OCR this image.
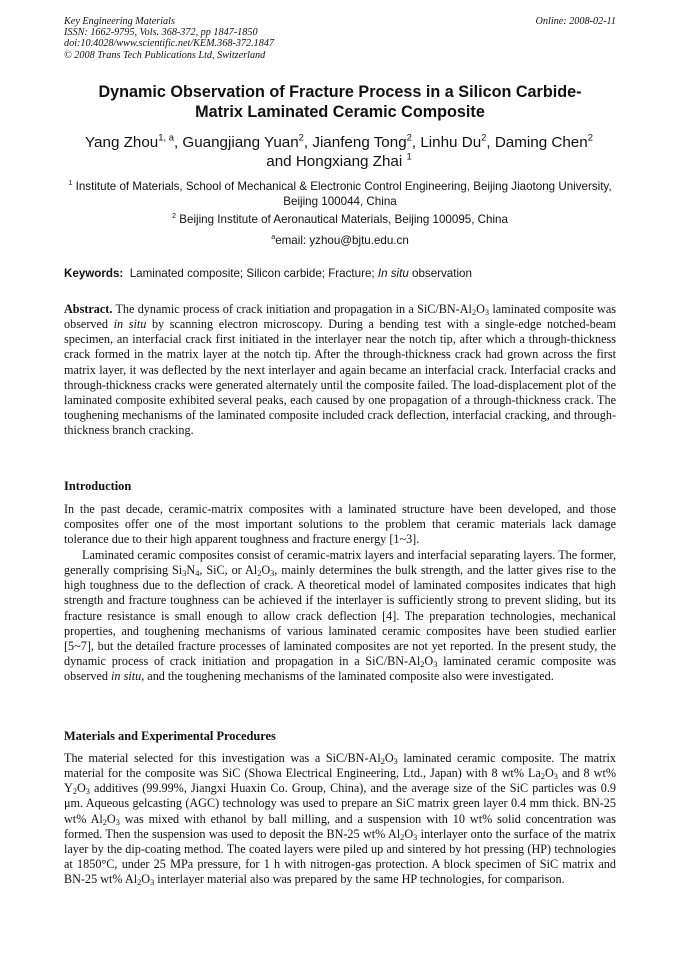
Key Engineering Materials
ISSN: 1662-9795, Vols. 368-372, pp 1847-1850
doi:10.4028/www.scientific.net/KEM.368-372.1847
© 2008 Trans Tech Publications Ltd, Switzerland
Online: 2008-02-11
Dynamic Observation of Fracture Process in a Silicon Carbide-
Matrix Laminated Ceramic Composite
Yang Zhou$^{1, a}$, Guangjiang Yuan$^2$, Jianfeng Tong$^2$, Linhu Du$^2$, Daming Chen$^2$
and Hongxiang Zhai $^1$
$^1$ Institute of Materials, School of Mechanical & Electronic Control Engineering, Beijing Jiaotong University, Beijing 100044, China
$^2$ Beijing Institute of Aeronautical Materials, Beijing 100095, China
$^a$email: yzhou@bjtu.edu.cn
Keywords: Laminated composite; Silicon carbide; Fracture; In situ observation
Abstract. The dynamic process of crack initiation and propagation in a SiC/$BN-Al_2O_3$ laminated composite was observed in situ by scanning electron microscopy. During a bending test with a single-edge notched-beam specimen, an interfacial crack first initiated in the interlayer near the notch tip, after which a through-thickness crack formed in the matrix layer at the notch tip. After the through-thickness crack had grown across the first matrix layer, it was deflected by the next interlayer and again became an interfacial crack. Interfacial cracks and through-thickness cracks were generated alternately until the composite failed. The load-displacement plot of the laminated composite exhibited several peaks, each caused by one propagation of a through-thickness crack. The toughening mechanisms of the laminated composite included crack deflection, interfacial cracking, and through-thickness branch cracking.
Introduction
In the past decade, ceramic-matrix composites with a laminated structure have been developed, and those composites offer one of the most important solutions to the problem that ceramic materials lack damage tolerance due to their high apparent toughness and fracture energy [1~3].
Laminated ceramic composites consist of ceramic-matrix layers and interfacial separating layers. The former, generally comprising $Si_3N_4$, SiC, or $Al_2O_3$, mainly determines the bulk strength, and the latter gives rise to the high toughness due to the deflection of crack. A theoretical model of laminated composites indicates that high strength and fracture toughness can be achieved if the interlayer is sufficiently strong to prevent sliding, but its fracture resistance is small enough to allow crack deflection [4]. The preparation technologies, mechanical properties, and toughening mechanisms of various laminated ceramic composites have been studied earlier [5~7], but the detailed fracture processes of laminated composites are not yet reported. In the present study, the dynamic process of crack initiation and propagation in a SiC/$BN-Al_2O_3$ laminated ceramic composite was observed in situ, and the toughening mechanisms of the laminated composite also were investigated.
Materials and Experimental Procedures
The material selected for this investigation was a SiC/$BN-Al_2O_3$ laminated ceramic composite. The matrix material for the composite was SiC (Showa Electrical Engineering, Ltd., Japan) with 8 wt% $La_2O_3$ and 8 wt% $Y_2O_3$ additives (99.99%, Jiangxi Huaxin Co. Group, China), and the average size of the SiC particles was 0.9 μm. Aqueous gelcasting (AGC) technology was used to prepare an SiC matrix green layer 0.4 mm thick. BN-25 wt% $Al_2O_3$ was mixed with ethanol by ball milling, and a suspension with 10 wt% solid concentration was formed. Then the suspension was used to deposit the BN-25 wt% $Al_2O_3$ interlayer onto the surface of the matrix layer by the dip-coating method. The coated layers were piled up and sintered by hot pressing (HP) technologies at 1850°C, under 25 MPa pressure, for 1 h with nitrogen-gas protection. A block specimen of SiC matrix and BN-25 wt% $Al_2O_3$ interlayer material also was prepared by the same HP technologies, for comparison.
